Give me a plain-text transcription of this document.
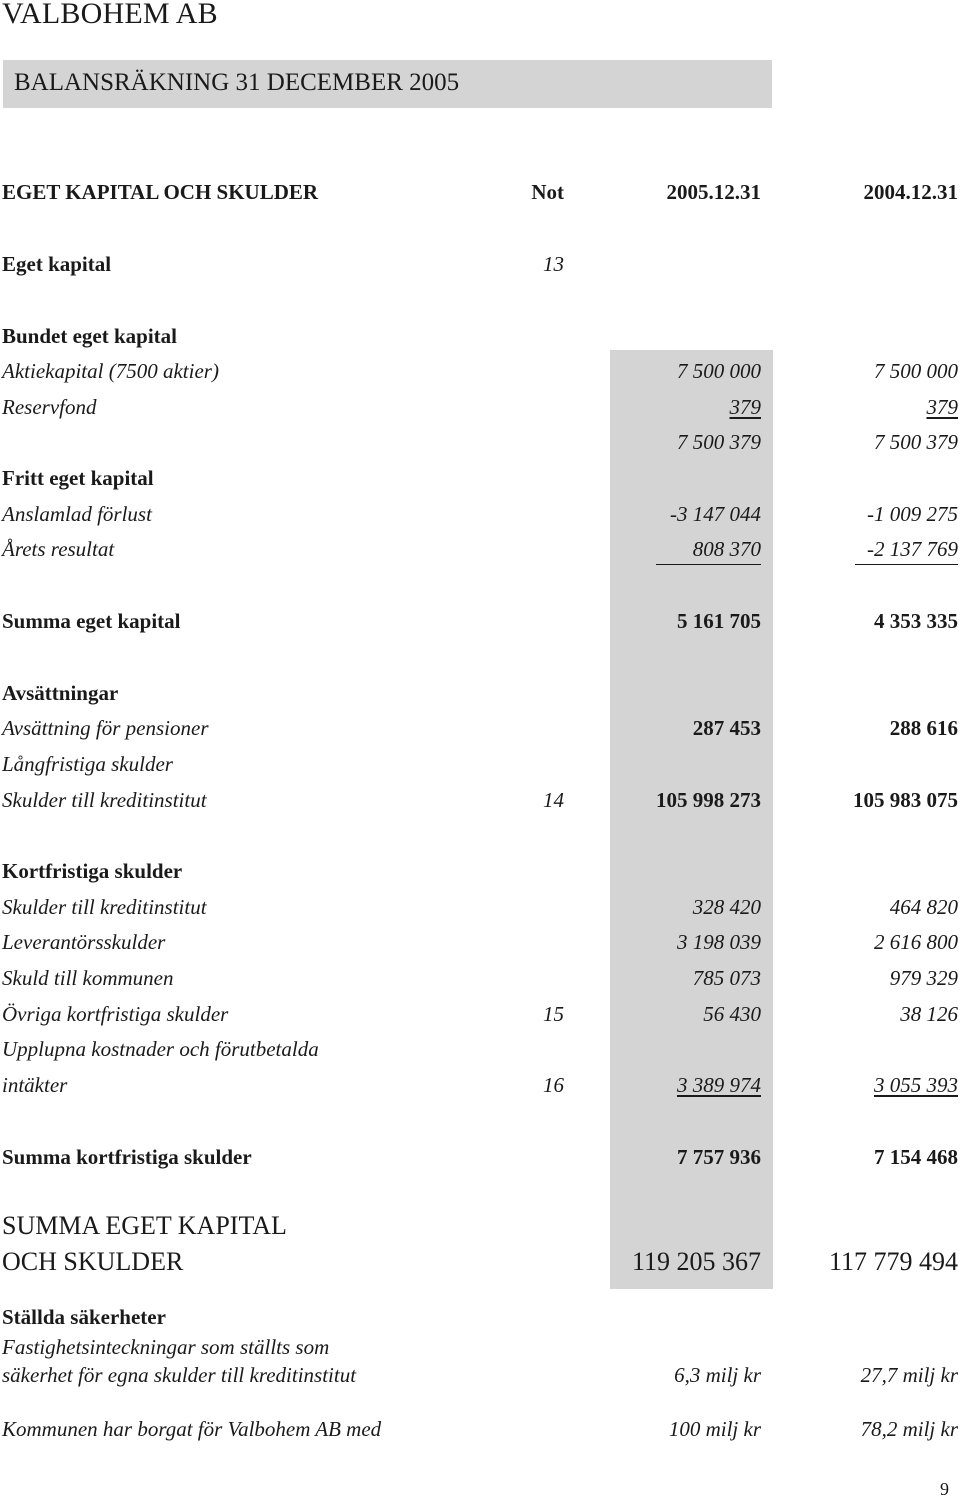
VALBOHEM AB
BALANSRÄKNING 31 DECEMBER 2005
EGET KAPITAL OCH SKULDER	Not	2005.12.31	2004.12.31
Eget kapital	13
Bundet eget kapital
Aktiekapital (7500 aktier)	7 500 000	7 500 000
Reservfond	379	379
7 500 379	7 500 379
Fritt eget kapital
Anslamlad förlust	-3 147 044	-1 009 275
Årets resultat	808 370	-2 137 769
Summa eget kapital	5 161 705	4 353 335
Avsättningar
Avsättning för pensioner	287 453	288 616
Långfristiga skulder
Skulder till kreditinstitut	14	105 998 273	105 983 075
Kortfristiga skulder
Skulder till kreditinstitut	328 420	464 820
Leverantörsskulder	3 198 039	2 616 800
Skuld till kommunen	785 073	979 329
Övriga kortfristiga skulder	15	56 430	38 126
Upplupna kostnader och förutbetalda
intäkter	16	3 389 974	3 055 393
Summa kortfristiga skulder	7 757 936	7 154 468
SUMMA EGET KAPITAL
OCH SKULDER	119 205 367	117 779 494
Ställda säkerheter
Fastighetsinteckningar som ställts som
säkerhet för egna skulder till kreditinstitut	6,3 milj kr	27,7 milj kr
Kommunen har borgat för Valbohem AB med	100 milj kr	78,2 milj kr
9
